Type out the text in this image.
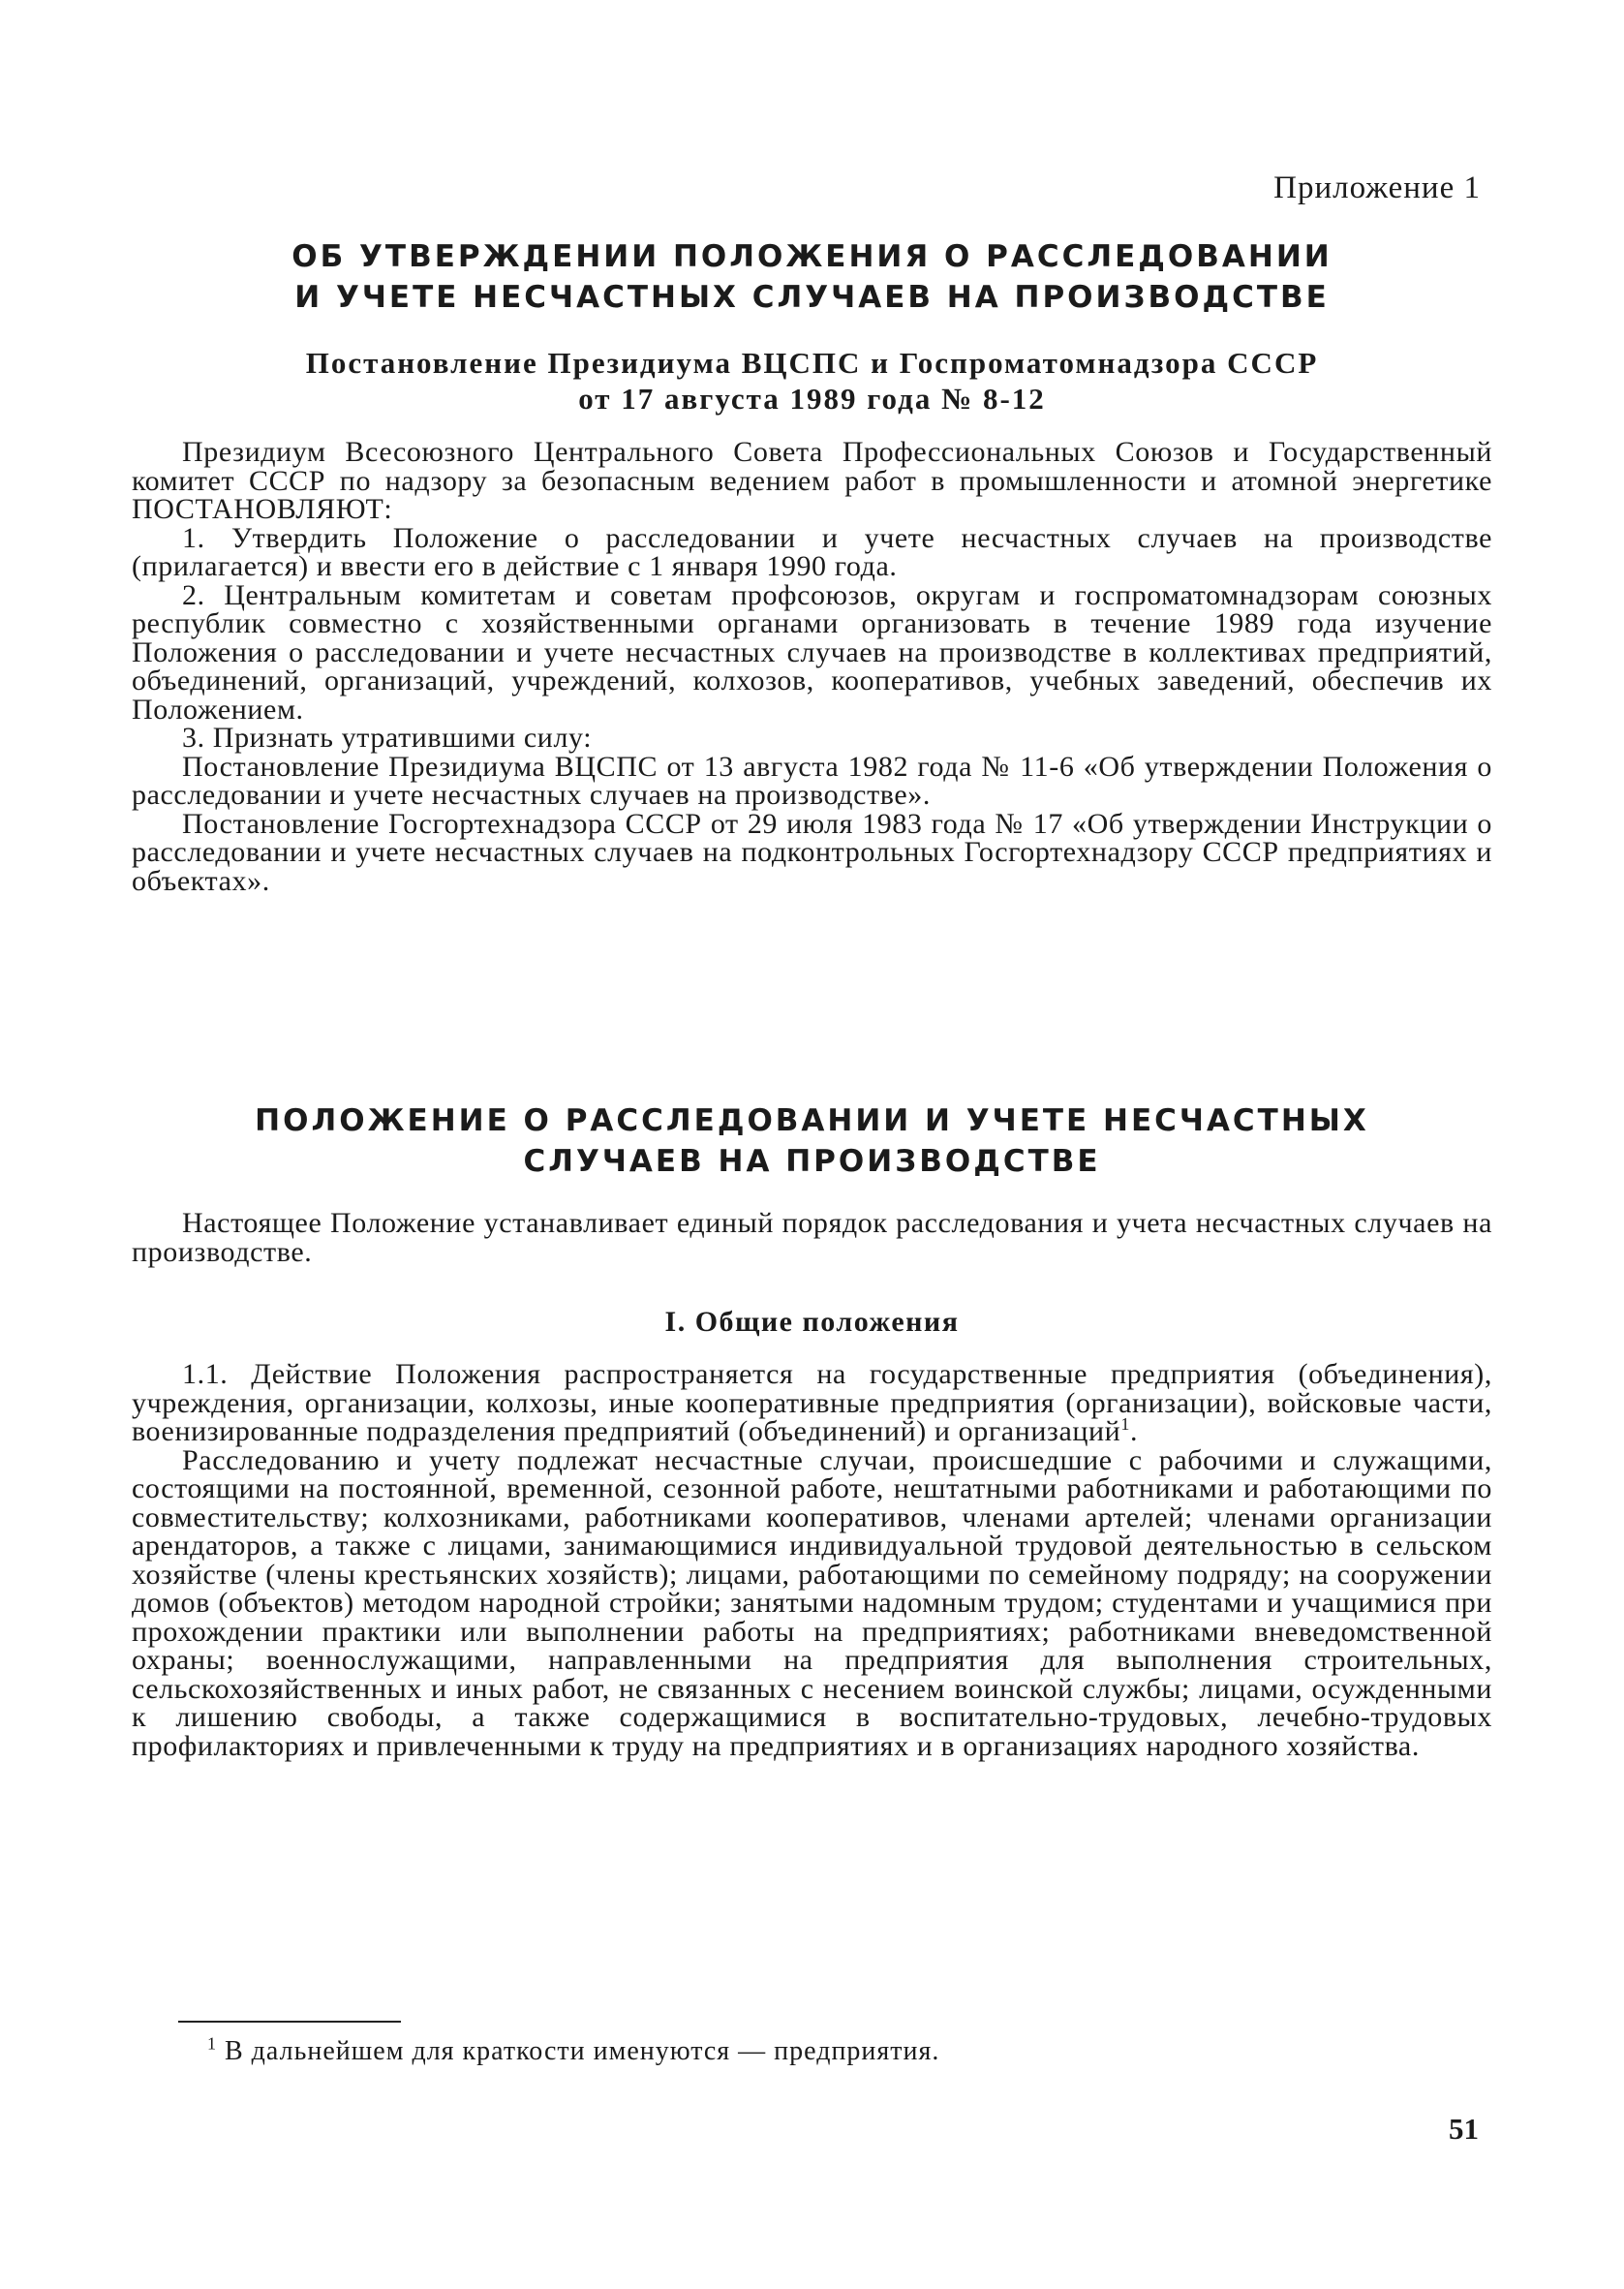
Приложение 1
ОБ УТВЕРЖДЕНИИ ПОЛОЖЕНИЯ О РАССЛЕДОВАНИИ
И УЧЕТЕ НЕСЧАСТНЫХ СЛУЧАЕВ НА ПРОИЗВОДСТВЕ
Постановление Президиума ВЦСПС и Госпроматомнадзора СССР
от 17 августа 1989 года № 8-12

Президиум Всесоюзного Центрального Совета Профессиональных Союзов и Государственный комитет СССР по надзору за безопасным ведением работ в промышленности и атомной энергетике ПОСТАНОВЛЯЮТ:

1. Утвердить Положение о расследовании и учете несчастных случаев на производстве (прилагается) и ввести его в действие с 1 января 1990 года.

2. Центральным комитетам и советам профсоюзов, округам и госпроматомнадзорам союзных республик совместно с хозяйственными органами организовать в течение 1989 года изучение Положения о расследовании и учете несчастных случаев на производстве в коллективах предприятий, объединений, организаций, учреждений, колхозов, кооперативов, учебных заведений, обеспечив их Положением.

3. Признать утратившими силу:

Постановление Президиума ВЦСПС от 13 августа 1982 года № 11-6 «Об утверждении Положения о расследовании и учете несчастных случаев на производстве».

Постановление Госгортехнадзора СССР от 29 июля 1983 года № 17 «Об утверждении Инструкции о расследовании и учете несчастных случаев на подконтрольных Госгортехнадзору СССР предприятиях и объектах».

ПОЛОЖЕНИЕ О РАССЛЕДОВАНИИ И УЧЕТЕ НЕСЧАСТНЫХ
СЛУЧАЕВ НА ПРОИЗВОДСТВЕ

Настоящее Положение устанавливает единый порядок расследования и учета несчастных случаев на производстве.

I. Общие положения

1.1. Действие Положения распространяется на государственные предприятия (объединения), учреждения, организации, колхозы, иные кооперативные предприятия (организации), войсковые части, военизированные подразделения предприятий (объединений) и организаций$^1$.

Расследованию и учету подлежат несчастные случаи, происшедшие с рабочими и служащими, состоящими на постоянной, временной, сезонной работе, нештатными работниками и работающими по совместительству; колхозниками, работниками кооперативов, членами артелей; членами организации арендаторов, а также с лицами, занимающимися индивидуальной трудовой деятельностью в сельском хозяйстве (члены крестьянских хозяйств); лицами, работающими по семейному подряду; на сооружении домов (объектов) методом народной стройки; занятыми надомным трудом; студентами и учащимися при прохождении практики или выполнении работы на предприятиях; работниками вневедомственной охраны; военнослужащими, направленными на предприятия для выполнения строительных, сельскохозяйственных и иных работ, не связанных с несением воинской службы; лицами, осужденными к лишению свободы, а также содержащимися в воспитательно-трудовых, лечебно-трудовых профилакториях и привлеченными к труду на предприятиях и в организациях народного хозяйства.

$^1$ В дальнейшем для краткости именуются — предприятия.
51
